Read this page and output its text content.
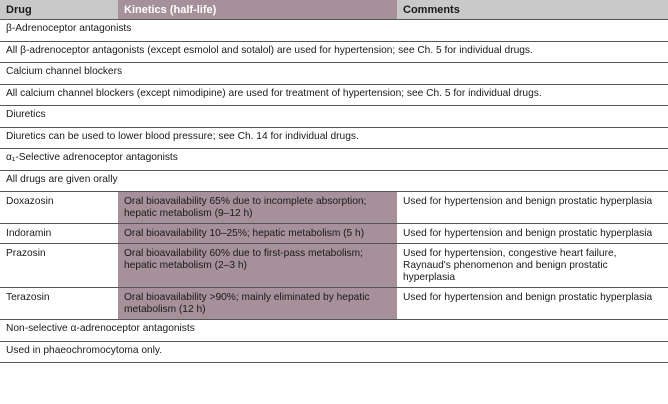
Drug	Kinetics (half-life)	Comments
β-Adrenoceptor antagonists		
All β-adrenoceptor antagonists (except esmolol and sotalol) are used for hypertension; see Ch. 5 for individual drugs.		
Calcium channel blockers		
All calcium channel blockers (except nimodipine) are used for treatment of hypertension; see Ch. 5 for individual drugs.		
Diuretics		
Diuretics can be used to lower blood pressure; see Ch. 14 for individual drugs.		
α₁-Selective adrenoceptor antagonists		
All drugs are given orally		
Doxazosin	Oral bioavailability 65% due to incomplete absorption; hepatic metabolism (9–12 h)	Used for hypertension and benign prostatic hyperplasia
Indoramin	Oral bioavailability 10–25%; hepatic metabolism (5 h)	Used for hypertension and benign prostatic hyperplasia
Prazosin	Oral bioavailability 60% due to first-pass metabolism; hepatic metabolism (2–3 h)	Used for hypertension, congestive heart failure, Raynaud's phenomenon and benign prostatic hyperplasia
Terazosin	Oral bioavailability >90%; mainly eliminated by hepatic metabolism (12 h)	Used for hypertension and benign prostatic hyperplasia
Non-selective α-adrenoceptor antagonists		
Used in phaeochromocytoma only.		
